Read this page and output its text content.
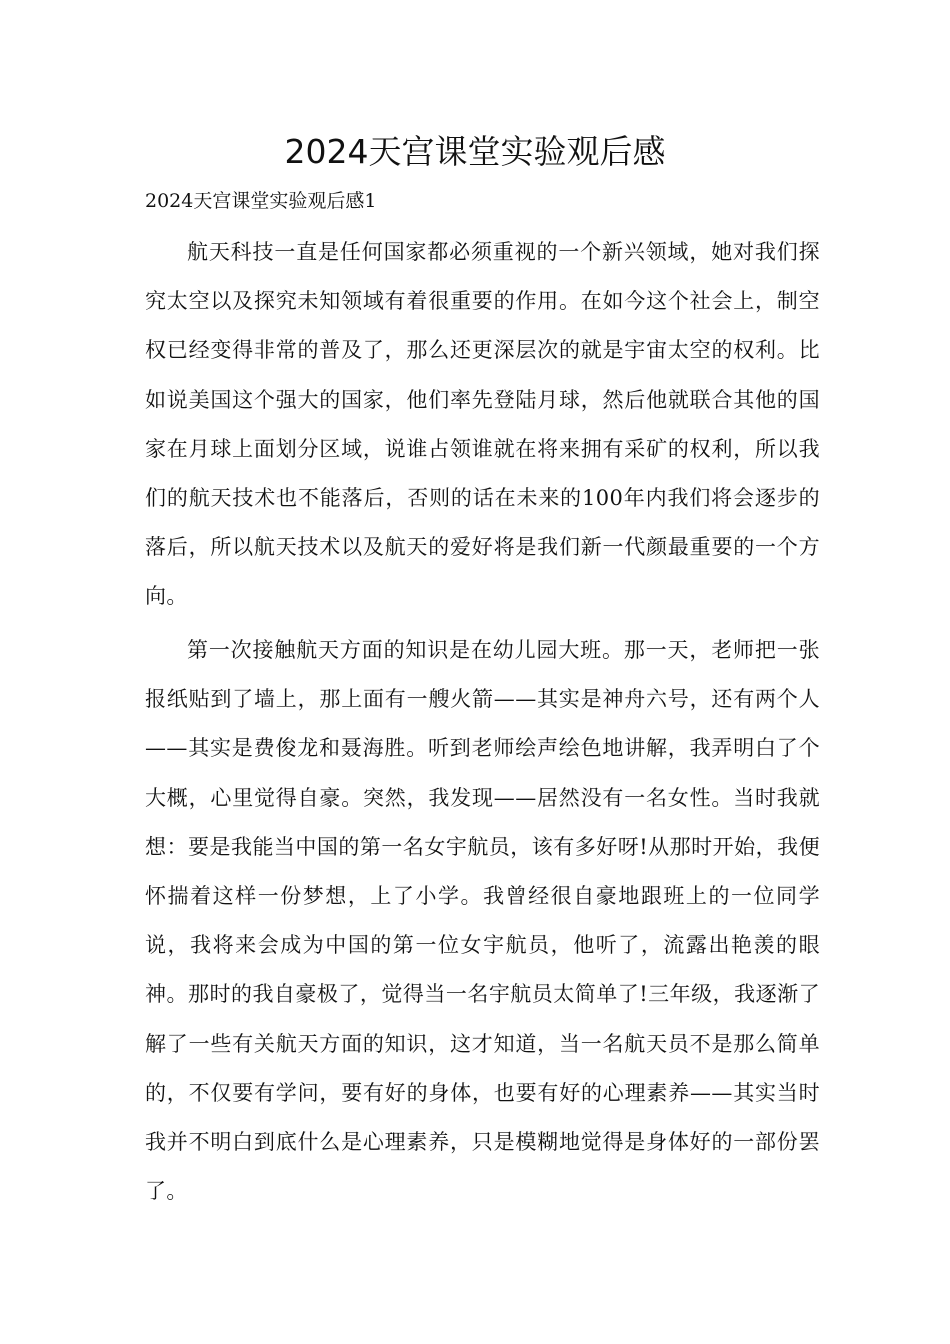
2024天宫课堂实验观后感

2024天宫课堂实验观后感1

航天科技一直是任何国家都必须重视的一个新兴领域，她对我们探究太空以及探究未知领域有着很重要的作用。在如今这个社会上，制空权已经变得非常的普及了，那么还更深层次的就是宇宙太空的权利。比如说美国这个强大的国家，他们率先登陆月球，然后他就联合其他的国家在月球上面划分区域，说谁占领谁就在将来拥有采矿的权利，所以我们的航天技术也不能落后，否则的话在未来的100年内我们将会逐步的落后，所以航天技术以及航天的爱好将是我们新一代颜最重要的一个方向。

第一次接触航天方面的知识是在幼儿园大班。那一天，老师把一张报纸贴到了墙上，那上面有一艘火箭——其实是神舟六号，还有两个人——其实是费俊龙和聂海胜。听到老师绘声绘色地讲解，我弄明白了个大概，心里觉得自豪。突然，我发现——居然没有一名女性。当时我就想：要是我能当中国的第一名女宇航员，该有多好呀!从那时开始，我便怀揣着这样一份梦想，上了小学。我曾经很自豪地跟班上的一位同学说，我将来会成为中国的第一位女宇航员，他听了，流露出艳羡的眼神。那时的我自豪极了，觉得当一名宇航员太简单了!三年级，我逐渐了解了一些有关航天方面的知识，这才知道，当一名航天员不是那么简单的，不仅要有学问，要有好的身体，也要有好的心理素养——其实当时我并不明白到底什么是心理素养，只是模糊地觉得是身体好的一部份罢了。
